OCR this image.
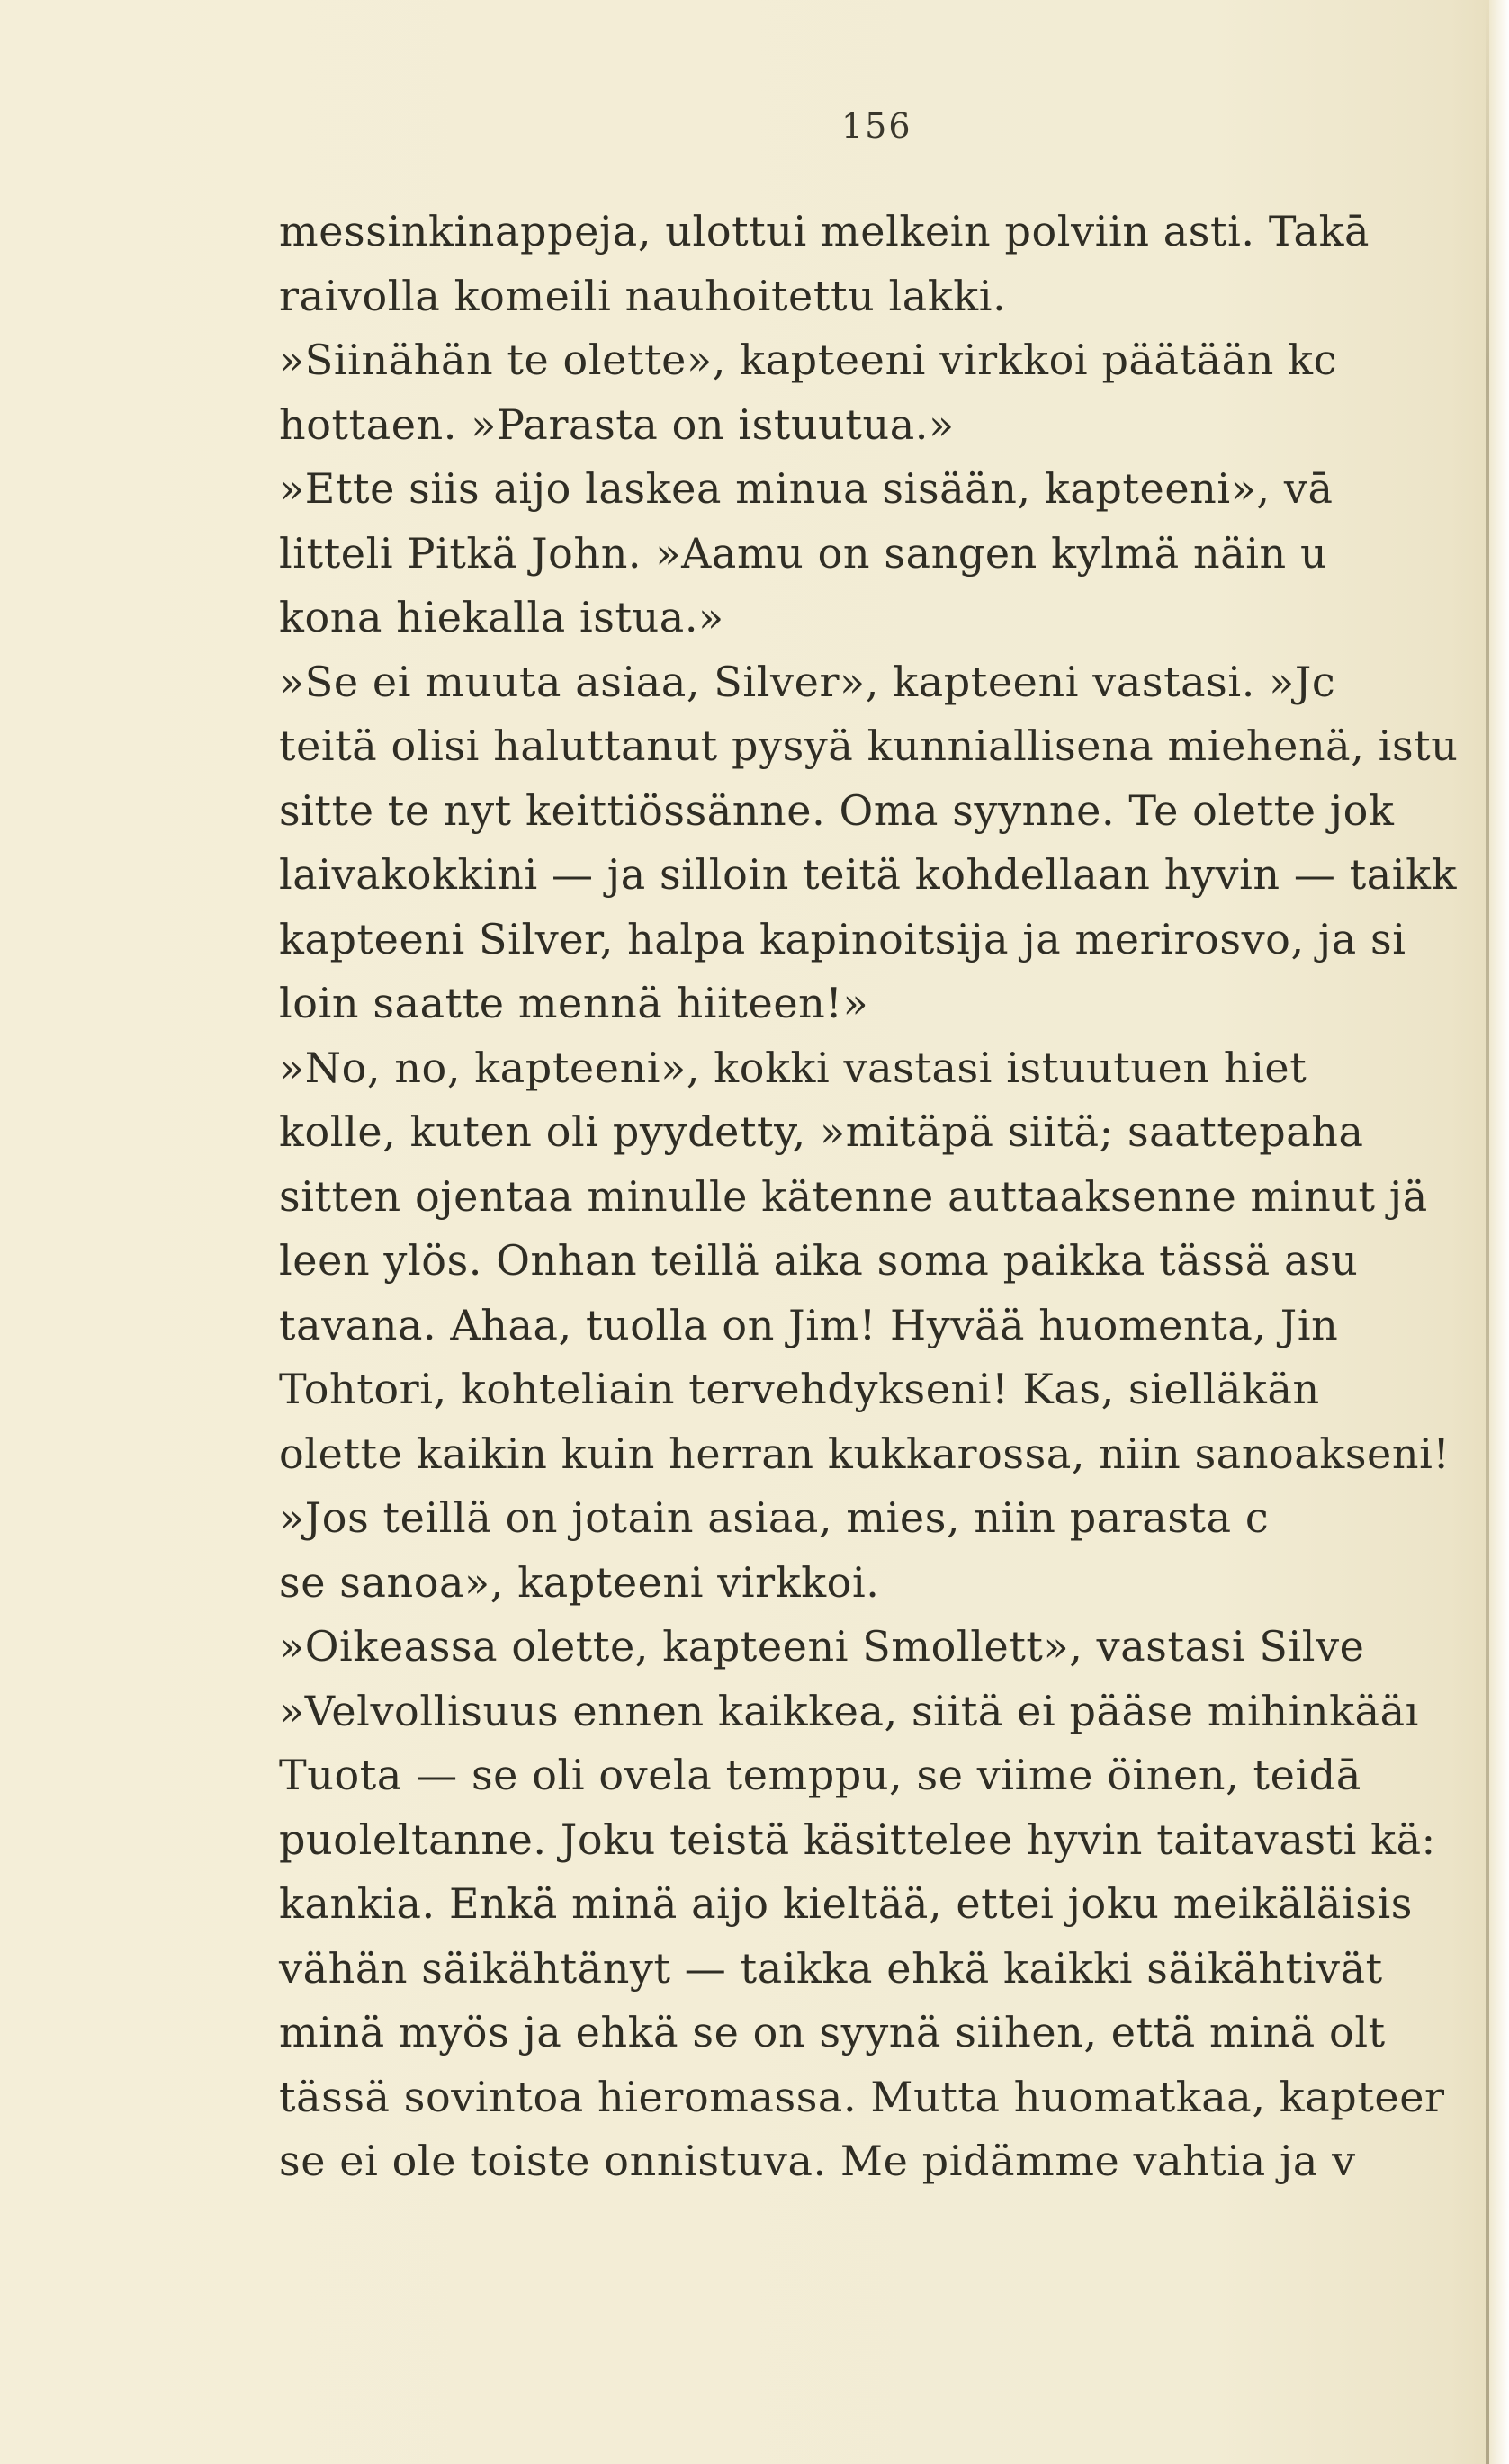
156
messinkinappeja, ulottui melkein polviin asti. Takā
raivolla komeili nauhoitettu lakki.
»Siinähän te olette», kapteeni virkkoi päätään kc
hottaen. »Parasta on istuutua.»
»Ette siis aijo laskea minua sisään, kapteeni», vā
litteli Pitkä John. »Aamu on sangen kylmä näin u
kona hiekalla istua.»
»Se ei muuta asiaa, Silver», kapteeni vastasi. »Jc
teitä olisi haluttanut pysyä kunniallisena miehenä, istu
sitte te nyt keittiössänne. Oma syynne. Te olette jok
laivakokkini — ja silloin teitä kohdellaan hyvin — taikk
kapteeni Silver, halpa kapinoitsija ja merirosvo, ja si
loin saatte mennä hiiteen!»
»No, no, kapteeni», kokki vastasi istuutuen hiet
kolle, kuten oli pyydetty, »mitäpä siitä; saattepaha
sitten ojentaa minulle kätenne auttaaksenne minut jä
leen ylös. Onhan teillä aika soma paikka tässä asu
tavana. Ahaa, tuolla on Jim! Hyvää huomenta, Jin
Tohtori, kohteliain tervehdykseni! Kas, sielläkän
olette kaikin kuin herran kukkarossa, niin sanoakseni!
»Jos teillä on jotain asiaa, mies, niin parasta c
se sanoa», kapteeni virkkoi.
»Oikeassa olette, kapteeni Smollett», vastasi Silve
»Velvollisuus ennen kaikkea, siitä ei pääse mihinkääı
Tuota — se oli ovela temppu, se viime öinen, teidā
puoleltanne. Joku teistä käsittelee hyvin taitavasti kä:
kankia. Enkä minä aijo kieltää, ettei joku meikäläisis
vähän säikähtänyt — taikka ehkä kaikki säikähtivät
minä myös ja ehkä se on syynä siihen, että minä olt
tässä sovintoa hieromassa. Mutta huomatkaa, kapteer
se ei ole toiste onnistuva. Me pidämme vahtia ja v
